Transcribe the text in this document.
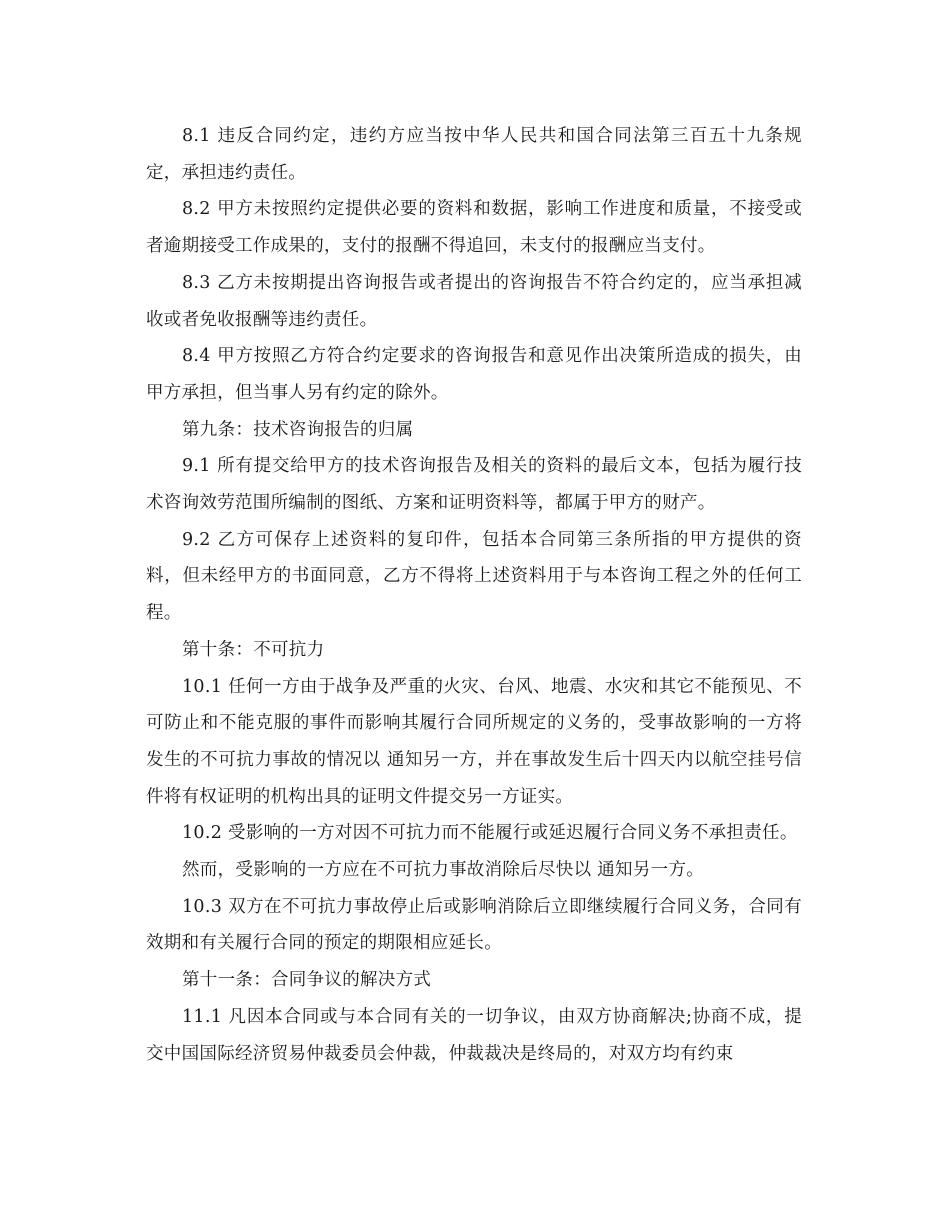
8.1 违反合同约定，违约方应当按中华人民共和国合同法第三百五十九条规定，承担违约责任。

8.2 甲方未按照约定提供必要的资料和数据，影响工作进度和质量，不接受或者逾期接受工作成果的，支付的报酬不得追回，未支付的报酬应当支付。

8.3 乙方未按期提出咨询报告或者提出的咨询报告不符合约定的，应当承担减收或者免收报酬等违约责任。

8.4 甲方按照乙方符合约定要求的咨询报告和意见作出决策所造成的损失，由甲方承担，但当事人另有约定的除外。

第九条：技术咨询报告的归属

9.1 所有提交给甲方的技术咨询报告及相关的资料的最后文本，包括为履行技术咨询效劳范围所编制的图纸、方案和证明资料等，都属于甲方的财产。

9.2 乙方可保存上述资料的复印件，包括本合同第三条所指的甲方提供的资料，但未经甲方的书面同意，乙方不得将上述资料用于与本咨询工程之外的任何工程。

第十条：不可抗力

10.1 任何一方由于战争及严重的火灾、台风、地震、水灾和其它不能预见、不可防止和不能克服的事件而影响其履行合同所规定的义务的，受事故影响的一方将发生的不可抗力事故的情况以 通知另一方，并在事故发生后十四天内以航空挂号信件将有权证明的机构出具的证明文件提交另一方证实。

10.2 受影响的一方对因不可抗力而不能履行或延迟履行合同义务不承担责任。

然而，受影响的一方应在不可抗力事故消除后尽快以 通知另一方。

10.3 双方在不可抗力事故停止后或影响消除后立即继续履行合同义务，合同有效期和有关履行合同的预定的期限相应延长。

第十一条：合同争议的解决方式

11.1 凡因本合同或与本合同有关的一切争议，由双方协商解决;协商不成，提交中国国际经济贸易仲裁委员会仲裁，仲裁裁决是终局的，对双方均有约束
